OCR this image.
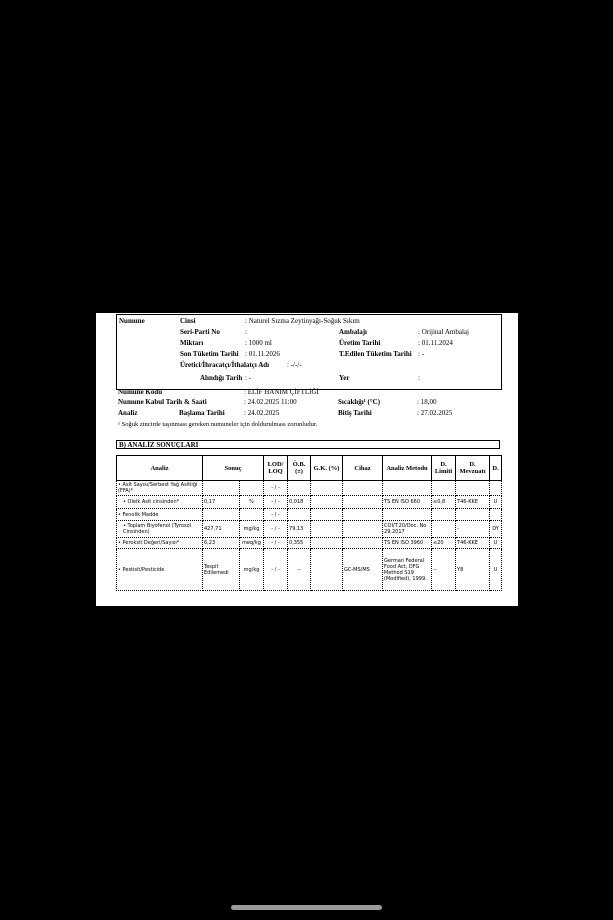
Numune	Cinsi	: Naturel Sızma Zeytinyağı-Soğuk Sıkım
Seri-Parti No	:	Ambalajı	: Orijinal Ambalaj
Miktarı	: 1000 ml	Üretim Tarihi	: 01.11.2024
Son Tüketim Tarihi : 01.11.2026	T.Edilen Tüketim Tarihi : -
Üretici/İhracatçı/İthalatçı Adı	: -/-/-
Alındığı Tarih : -	Yer	:
Numune Kodu	: ELİF HANIM ÇİFTLİĞİ
Numune Kabul Tarih & Saati	: 24.02.2025 11:00	Sıcaklığı¹ (°C)	: 18,00
Analiz	Başlama Tarihi	: 24.02.2025	Bitiş Tarihi	: 27.02.2025
¹ Soğuk zincirde taşınması gereken numuneler için doldurulması zorunludur.
B) ANALİZ SONUÇLARI
Analiz	Sonuç		LOD/ LOQ	Ö.B. (±)	G.K. (%)	Cihaz	Analiz Metodu	D. Limiti	D. Mevzuatı	D.
• Asit Sayısı/Serbest Yağ Asitliği (FFA)*			- / -							
• Oleik Asit cinsinden*	0,17	%	- / -	0,018			TS EN ISO 660	≤0,8	T46-KKE	U
• Fenolik Madde			- / -							
• Toplam Biyofenol (Tyrosol Cinsinden)	427,71	mg/kg	- / -	79,13			COI/T.20/Doc. No 29.2017		-	DY
• Peroksit Değeri/Sayısı*	6,23	meq/kg	- / -	0,355			TS EN ISO 3960	≤20	T46-KKE	U
• Pestisit/Pesticide	Tespit Edilemedi	mg/kg	- / -	--		GC-MS/MS	German Federal Food Act, DFG Method S19 (Modified), 1999.	--	Y8	U
